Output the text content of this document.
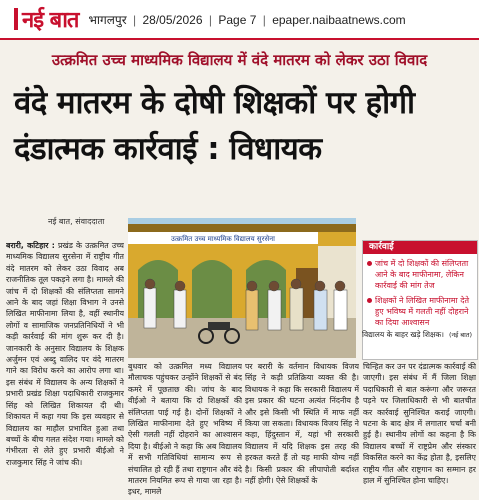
नई बात भागलपुर | 28/05/2026 | Page 7 | epaper.naibaatnews.com
उत्क्रमित उच्च माध्यमिक विद्यालय में वंदे मातरम को लेकर उठा विवाद
वंदे मातरम के दोषी शिक्षकों पर होगी दंडात्मक कार्रवाई : विधायक
नई बात, संवाददाता
बरारी, कटिहार : प्रखंड के उत्क्रमित उच्च माध्यमिक विद्यालय सुरसेना में राष्ट्रीय गीत वंदे मातरम को लेकर उठा विवाद अब राजनीतिक तूल पकड़ने लगा है। मामले की जांच में दो शिक्षकों की संलिप्तता सामने आने के बाद जहां शिक्षा विभाग ने उनसे लिखित माफीनामा लिया है, वहीं स्थानीय लोगों व सामाजिक जनप्रतिनिधियों ने भी कड़ी कार्रवाई की मांग शुरू कर दी है। जानकारी के अनुसार विद्यालय के शिक्षक अर्जुमन एवं अब्दु वालिद पर वंदे मातरम गाने का विरोध करने का आरोप लगा था। इस संबंध में विद्यालय के अन्य शिक्षकों ने प्रभारी प्रखंड शिक्षा पदाधिकारी राजकुमार सिंह को लिखित शिकायत दी थी। शिकायत में कहा गया कि इस व्यवहार से विद्यालय का माहौल प्रभावित हुआ तथा बच्चों के बीच गलत संदेश गया। मामले को गंभीरता से लेते हुए प्रभारी बीईओ ने राजकुमार सिंह ने जांच की।
उत्क्रमित उच्च माध्यमिक विद्यालय सुरसेना
कार्रवाई
जांच में दो शिक्षकों की संलिप्तता आने के बाद माफीनामा, लेकिन कार्रवाई की मांग तेज
शिक्षकों ने लिखित माफीनामा देते हुए भविष्य में गलती नहीं दोहराने का दिया आश्वासन
विद्यालय के बाहर खड़े शिक्षक। (नई बात)
बुधवार को उत्क्रमित मध्य विद्यालय मौलाचक पहुंचकर उन्होंने शिक्षकों से बंद कमरे में पूछताछ की। जांच के बाद वीईओ ने बताया कि दो शिक्षकों की संलिप्तता पाई गई है। दोनों शिक्षकों ने लिखित माफीनामा देते हुए भविष्य में ऐसी गलती नहीं दोहराने का आश्वासन दिया है। बीईओ ने कहा कि अब विद्यालय में सभी गतिविधियां सामान्य रूप से संचालित हो रही हैं तथा राष्ट्रगान और वंदे मातरम नियमित रूप से गाया जा रहा है। इधर, मामले
पर बरारी के वर्तमान विधायक विजय सिंह ने कड़ी प्रतिक्रिया व्यक्त की है। विधायक ने कहा कि सरकारी विद्यालय में इस प्रकार की घटना अत्यंत निंदनीय है और इसे किसी भी स्थिति में माफ नहीं किया जा सकता। विधायक विजय सिंह ने कहा, हिंदुस्तान में, यहां भी सरकारी विद्यालय में यदि शिक्षक इस तरह की हरकत करते हैं तो यह माफी योग्य नहीं है। किसी प्रकार की लीपापोती बर्दाश्त नहीं होगी। ऐसे शिक्षकों के
चिन्हित कर उन पर दंडात्मक कार्रवाई की जाएगी। इस संबंध में मैं जिला शिक्षा पदाधिकारी से बात करूंगा और जरूरत पड़ने पर जिलाधिकारी से भी बातचीत कर कार्रवाई सुनिश्चित कराई जाएगी। घटना के बाद क्षेत्र में लगातार चर्चा बनी हुई है। स्थानीय लोगों का कहना है कि विद्यालय बच्चों में राष्ट्रप्रेम और संस्कार विकसित करने का केंद्र होता है, इसलिए राष्ट्रीय गीत और राष्ट्रगान का सम्मान हर हाल में सुनिश्चित होना चाहिए।
